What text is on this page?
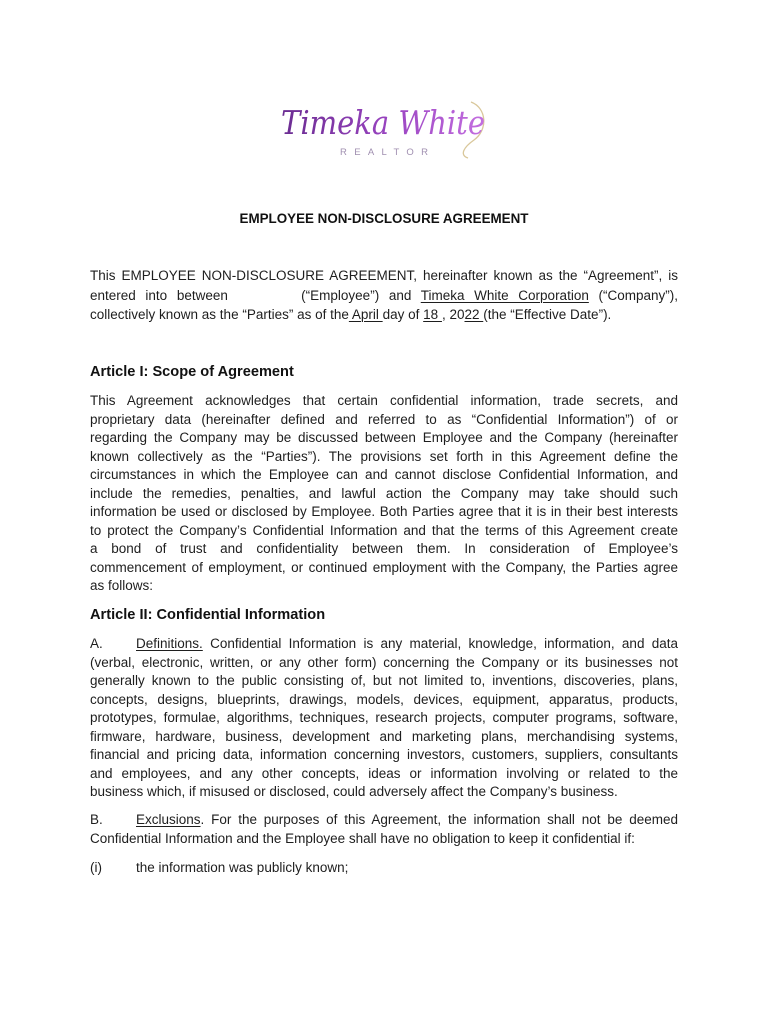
Timeka White
REALTOR
EMPLOYEE NON-DISCLOSURE AGREEMENT
This EMPLOYEE NON-DISCLOSURE AGREEMENT, hereinafter known as the “Agreement”, is
entered into between	(“Employee”) and Timeka White Corporation (“Company”),
collectively known as the “Parties” as of the April day of 18 , 2022 (the “Effective Date”).
Article I: Scope of Agreement
This Agreement acknowledges that certain confidential information, trade secrets, and
proprietary data (hereinafter defined and referred to as “Confidential Information”) of or
regarding the Company may be discussed between Employee and the Company (hereinafter
known collectively as the “Parties”). The provisions set forth in this Agreement define the
circumstances in which the Employee can and cannot disclose Confidential Information, and
include the remedies, penalties, and lawful action the Company may take should such
information be used or disclosed by Employee. Both Parties agree that it is in their best interests
to protect the Company’s Confidential Information and that the terms of this Agreement create
a bond of trust and confidentiality between them. In consideration of Employee’s
commencement of employment, or continued employment with the Company, the Parties agree
as follows:
Article II: Confidential Information
A. Definitions. Confidential Information is any material, knowledge, information, and data
(verbal, electronic, written, or any other form) concerning the Company or its businesses not
generally known to the public consisting of, but not limited to, inventions, discoveries, plans,
concepts, designs, blueprints, drawings, models, devices, equipment, apparatus, products,
prototypes, formulae, algorithms, techniques, research projects, computer programs, software,
firmware, hardware, business, development and marketing plans, merchandising systems,
financial and pricing data, information concerning investors, customers, suppliers, consultants
and employees, and any other concepts, ideas or information involving or related to the
business which, if misused or disclosed, could adversely affect the Company’s business.
B. Exclusions. For the purposes of this Agreement, the information shall not be deemed
Confidential Information and the Employee shall have no obligation to keep it confidential if:
(i)	the information was publicly known;
